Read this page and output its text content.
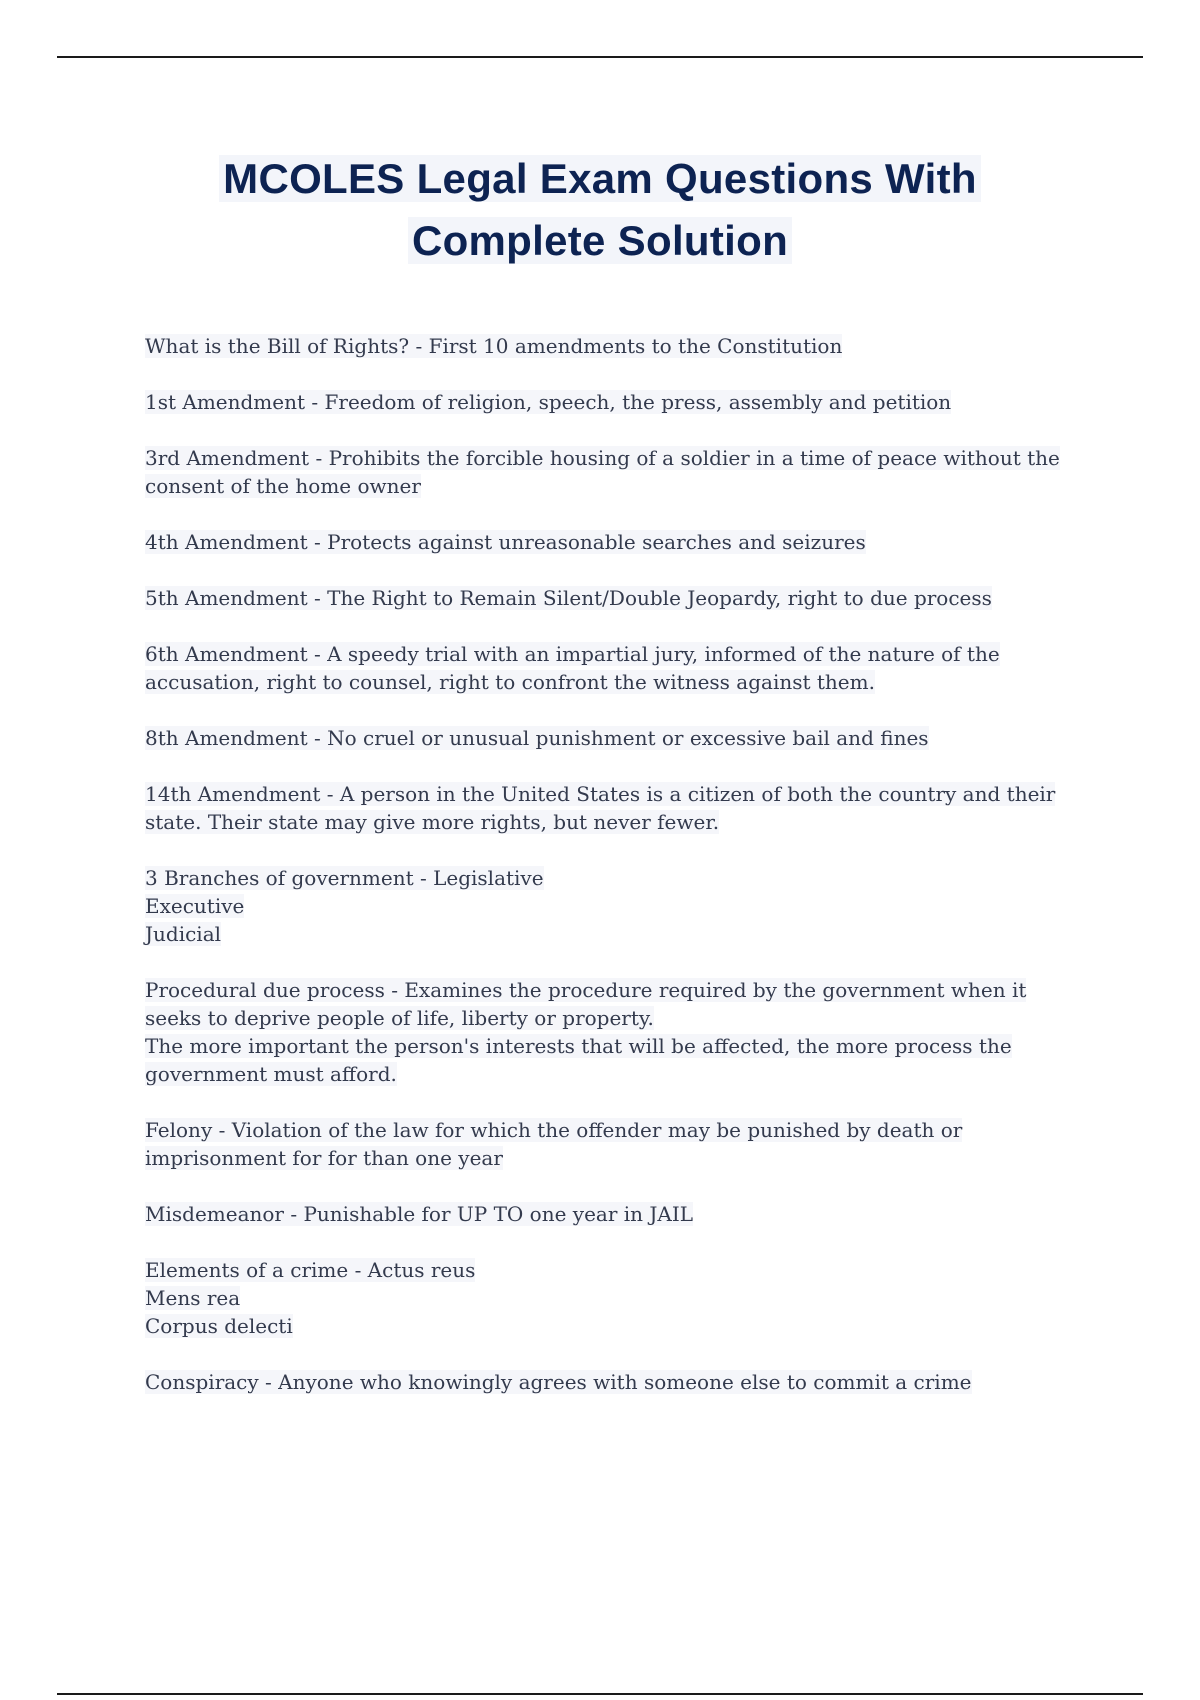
MCOLES Legal Exam Questions With
Complete Solution

What is the Bill of Rights? - First 10 amendments to the Constitution

1st Amendment - Freedom of religion, speech, the press, assembly and petition

3rd Amendment - Prohibits the forcible housing of a soldier in a time of peace without the
consent of the home owner

4th Amendment - Protects against unreasonable searches and seizures

5th Amendment - The Right to Remain Silent/Double Jeopardy, right to due process

6th Amendment - A speedy trial with an impartial jury, informed of the nature of the
accusation, right to counsel, right to confront the witness against them.

8th Amendment - No cruel or unusual punishment or excessive bail and fines

14th Amendment - A person in the United States is a citizen of both the country and their
state. Their state may give more rights, but never fewer.

3 Branches of government - Legislative
Executive
Judicial

Procedural due process - Examines the procedure required by the government when it
seeks to deprive people of life, liberty or property.
The more important the person's interests that will be affected, the more process the
government must afford.

Felony - Violation of the law for which the offender may be punished by death or
imprisonment for for than one year

Misdemeanor - Punishable for UP TO one year in JAIL

Elements of a crime - Actus reus
Mens rea
Corpus delecti

Conspiracy - Anyone who knowingly agrees with someone else to commit a crime
